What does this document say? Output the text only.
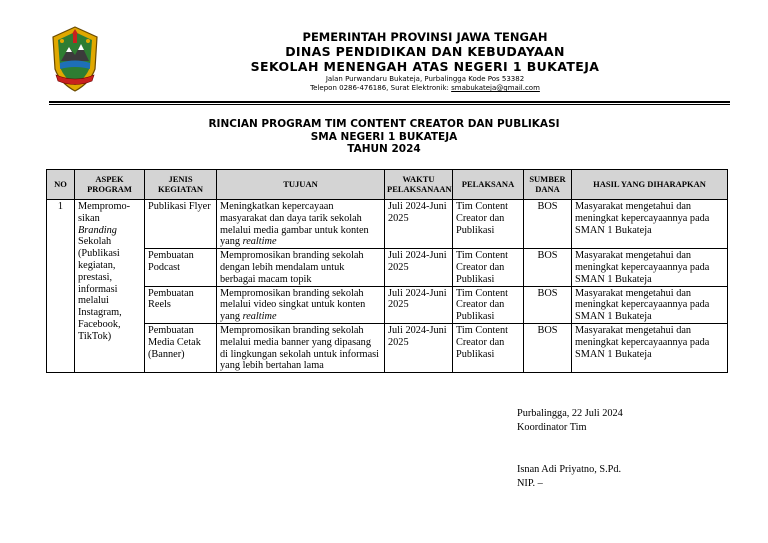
PEMERINTAH PROVINSI JAWA TENGAH
DINAS PENDIDIKAN DAN KEBUDAYAAN
SEKOLAH MENENGAH ATAS NEGERI 1 BUKATEJA
Jalan Purwandaru Bukateja, Purbalingga Kode Pos 53382
Telepon 0286-476186, Surat Elektronik: smabukateja@gmail.com
RINCIAN PROGRAM TIM CONTENT CREATOR DAN PUBLIKASI
SMA NEGERI 1 BUKATEJA
TAHUN 2024
NO	ASPEK PROGRAM	JENIS KEGIATAN	TUJUAN	WAKTU PELAKSANAAN	PELAKSANA	SUMBER DANA	HASIL YANG DIHARAPKAN
1	Mempromo-sikan Branding Sekolah (Publikasi kegiatan, prestasi, informasi melalui Instagram, Facebook, TikTok)	Publikasi Flyer	Meningkatkan kepercayaan masyarakat dan daya tarik sekolah melalui media gambar untuk konten yang realtime	Juli 2024-Juni 2025	Tim Content Creator dan Publikasi	BOS	Masyarakat mengetahui dan meningkat kepercayaannya pada SMAN 1 Bukateja
		Pembuatan Podcast	Mempromosikan branding sekolah dengan lebih mendalam untuk berbagai macam topik	Juli 2024-Juni 2025	Tim Content Creator dan Publikasi	BOS	Masyarakat mengetahui dan meningkat kepercayaannya pada SMAN 1 Bukateja
		Pembuatan Reels	Mempromosikan branding sekolah melalui video singkat untuk konten yang realtime	Juli 2024-Juni 2025	Tim Content Creator dan Publikasi	BOS	Masyarakat mengetahui dan meningkat kepercayaannya pada SMAN 1 Bukateja
		Pembuatan Media Cetak (Banner)	Mempromosikan branding sekolah melalui media banner yang dipasang di lingkungan sekolah untuk informasi yang lebih bertahan lama	Juli 2024-Juni 2025	Tim Content Creator dan Publikasi	BOS	Masyarakat mengetahui dan meningkat kepercayaannya pada SMAN 1 Bukateja
Purbalingga, 22 Juli 2024
Koordinator Tim
Isnan Adi Priyatno, S.Pd.
NIP. –
